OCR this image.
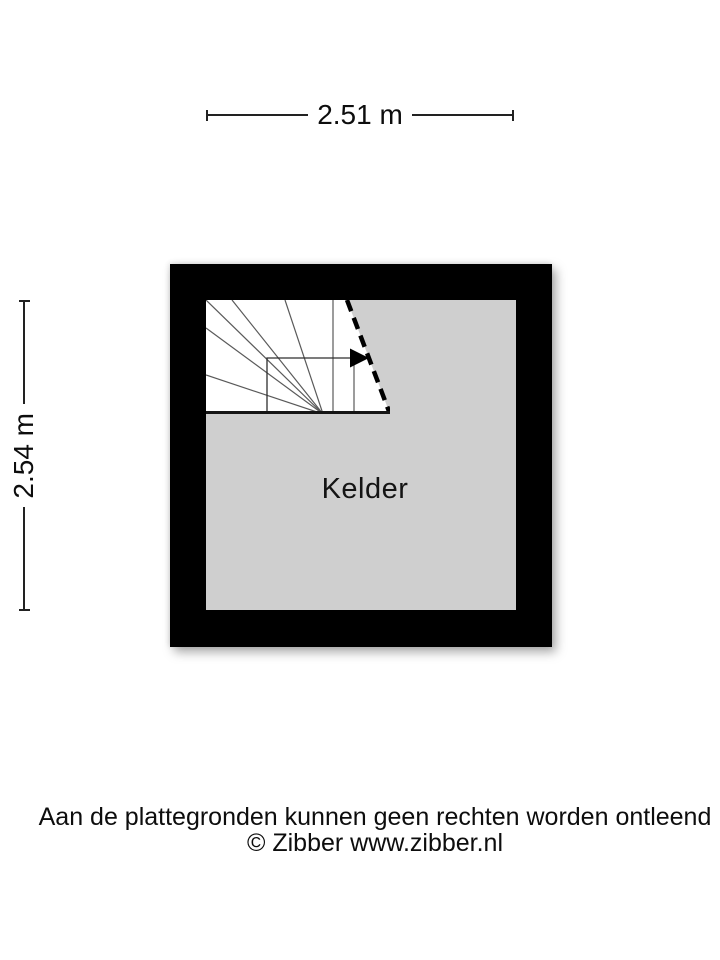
2.51 m
2.54 m	Kelder
Aan de plattegronden kunnen geen rechten worden ontleend
© Zibber www.zibber.nl
